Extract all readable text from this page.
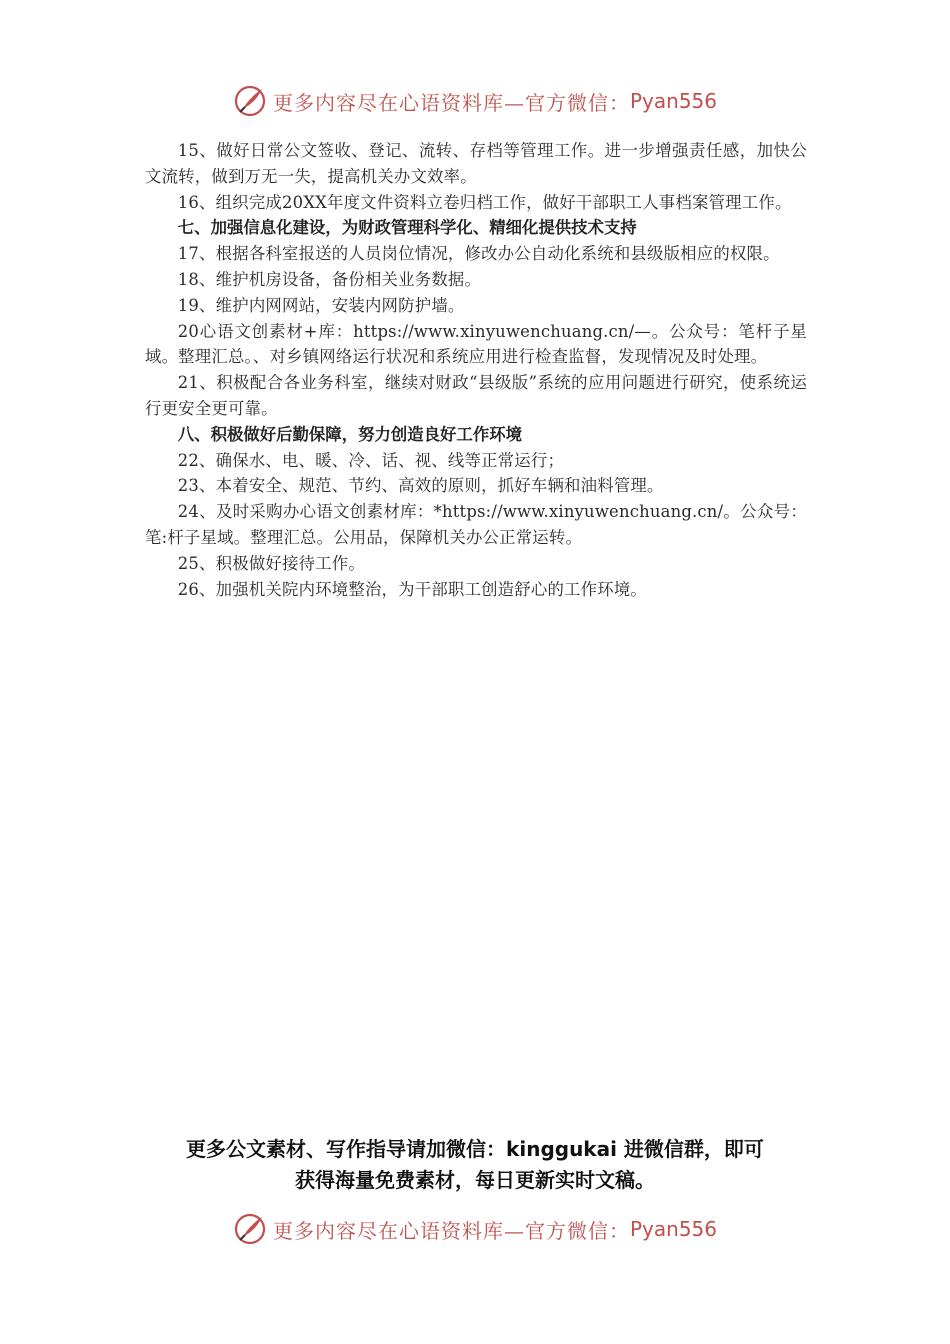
更多内容尽在心语资料库—官方微信： Pyan556

15、做好日常公文签收、登记、流转、存档等管理工作。进一步增强责任感，加快公文流转，做到万无一失，提高机关办文效率。

16、组织完成20XX年度文件资料立卷归档工作，做好干部职工人事档案管理工作。

七、加强信息化建设，为财政管理科学化、精细化提供技术支持

17、根据各科室报送的人员岗位情况，修改办公自动化系统和县级版相应的权限。

18、维护机房设备，备份相关业务数据。

19、维护内网网站，安装内网防护墙。

20心语文创素材+库：https://www.xinyuwenchuang.cn/—。公众号：笔杆子星域。整理汇总。、对乡镇网络运行状况和系统应用进行检查监督，发现情况及时处理。

21、积极配合各业务科室，继续对财政“县级版”系统的应用问题进行研究，使系统运行更安全更可靠。

八、积极做好后勤保障，努力创造良好工作环境

22、确保水、电、暖、冷、话、视、线等正常运行；

23、本着安全、规范、节约、高效的原则，抓好车辆和油料管理。

24、及时采购办心语文创素材库：*https://www.xinyuwenchuang.cn/。公众号：笔:杆子星域。整理汇总。公用品，保障机关办公正常运转。

25、积极做好接待工作。

26、加强机关院内环境整治，为干部职工创造舒心的工作环境。

更多公文素材、写作指导请加微信：kinggukai 进微信群，即可
获得海量免费素材，每日更新实时文稿。
更多内容尽在心语资料库—官方微信： Pyan556
